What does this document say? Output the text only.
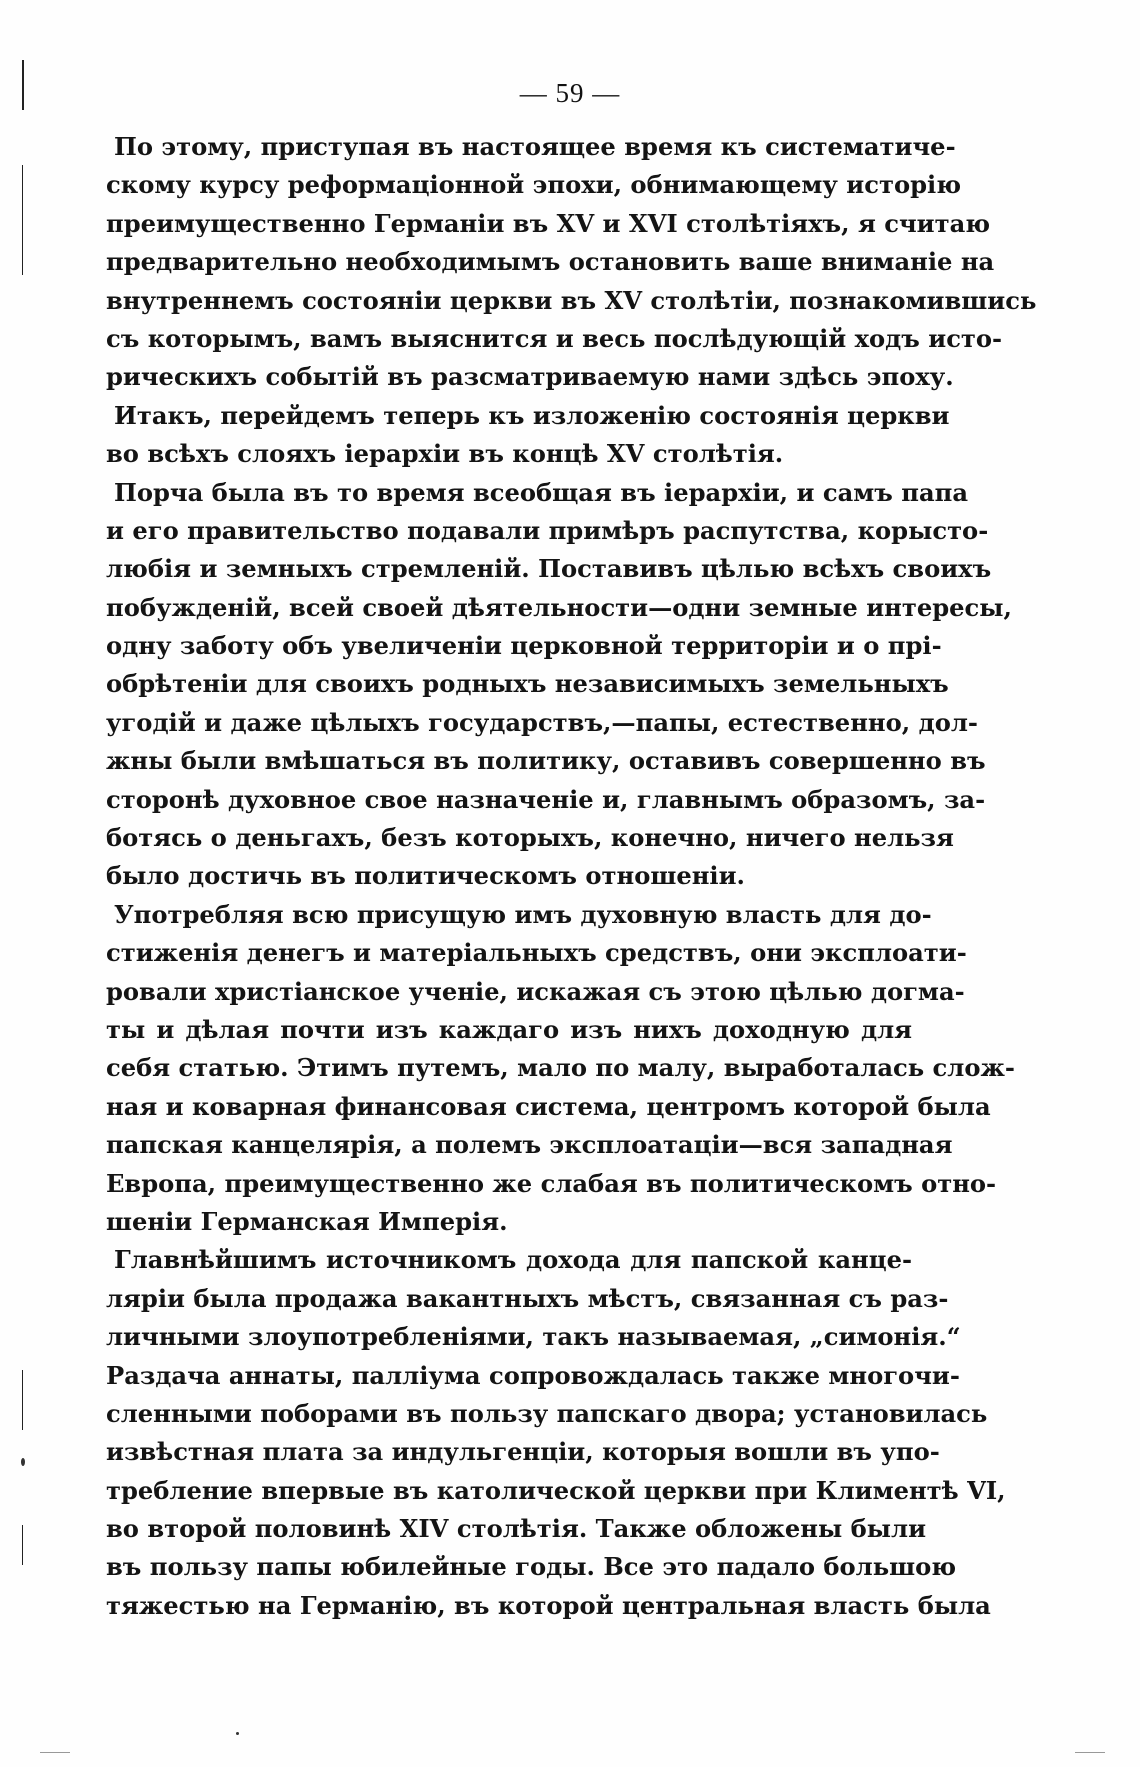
— 59 —
По этому, приступая въ настоящее время къ систематиче-
скому курсу реформацiонной эпохи, обнимающему исторiю
преимущественно Германiи въ XV и XVI столѣтiяхъ, я считаю
предварительно необходимымъ остановить ваше вниманiе на
внутреннемъ состоянiи церкви въ XV столѣтiи, познакомившись
съ которымъ, вамъ выяснится и весь послѣдующiй ходъ исто-
рическихъ событiй въ разсматриваемую нами здѣсь эпоху.
Итакъ, перейдемъ теперь къ изложенiю состоянiя церкви
во всѣхъ слояхъ iерархiи въ концѣ XV столѣтiя.
Порча была въ то время всеобщая въ iерархiи, и самъ папа
и его правительство подавали примѣръ распутства, корысто-
любiя и земныхъ стремленiй. Поставивъ цѣлью всѣхъ своихъ
побужденiй, всей своей дѣятельности—одни земные интересы,
одну заботу объ увеличенiи церковной территорiи и о прi-
обрѣтенiи для своихъ родныхъ независимыхъ земельныхъ
угодiй и даже цѣлыхъ государствъ,—папы, естественно, дол-
жны были вмѣшаться въ политику, оставивъ совершенно въ
сторонѣ духовное свое назначенiе и, главнымъ образомъ, за-
ботясь о деньгахъ, безъ которыхъ, конечно, ничего нельзя
было достичь въ политическомъ отношенiи.
Употребляя всю присущую имъ духовную власть для до-
стиженiя денегъ и матерiальныхъ средствъ, они эксплоати-
ровали христiанское ученiе, искажая съ этою цѣлью догма-
ты и дѣлая почти изъ каждаго изъ нихъ доходную для
себя статью. Этимъ путемъ, мало по малу, выработалась слож-
ная и коварная финансовая система, центромъ которой была
папская канцелярiя, а полемъ эксплоатацiи—вся западная
Европа, преимущественно же слабая въ политическомъ отно-
шенiи Германская Имперiя.
Главнѣйшимъ источникомъ дохода для папской канце-
лярiи была продажа вакантныхъ мѣстъ, связанная съ раз-
личными злоупотребленiями, такъ называемая, „симонiя.“
Раздача аннаты, паллiума сопровождалась также многочи-
сленными поборами въ пользу папскаго двора; установилась
извѣстная плата за индульгенцiи, которыя вошли въ упо-
треблениe впервые въ католической церкви при Климентѣ VI,
во второй половинѣ XIV столѣтiя. Также обложены были
въ пользу папы юбилейные годы. Все это падало большою
тяжестью на Германiю, въ которой центральная власть была
